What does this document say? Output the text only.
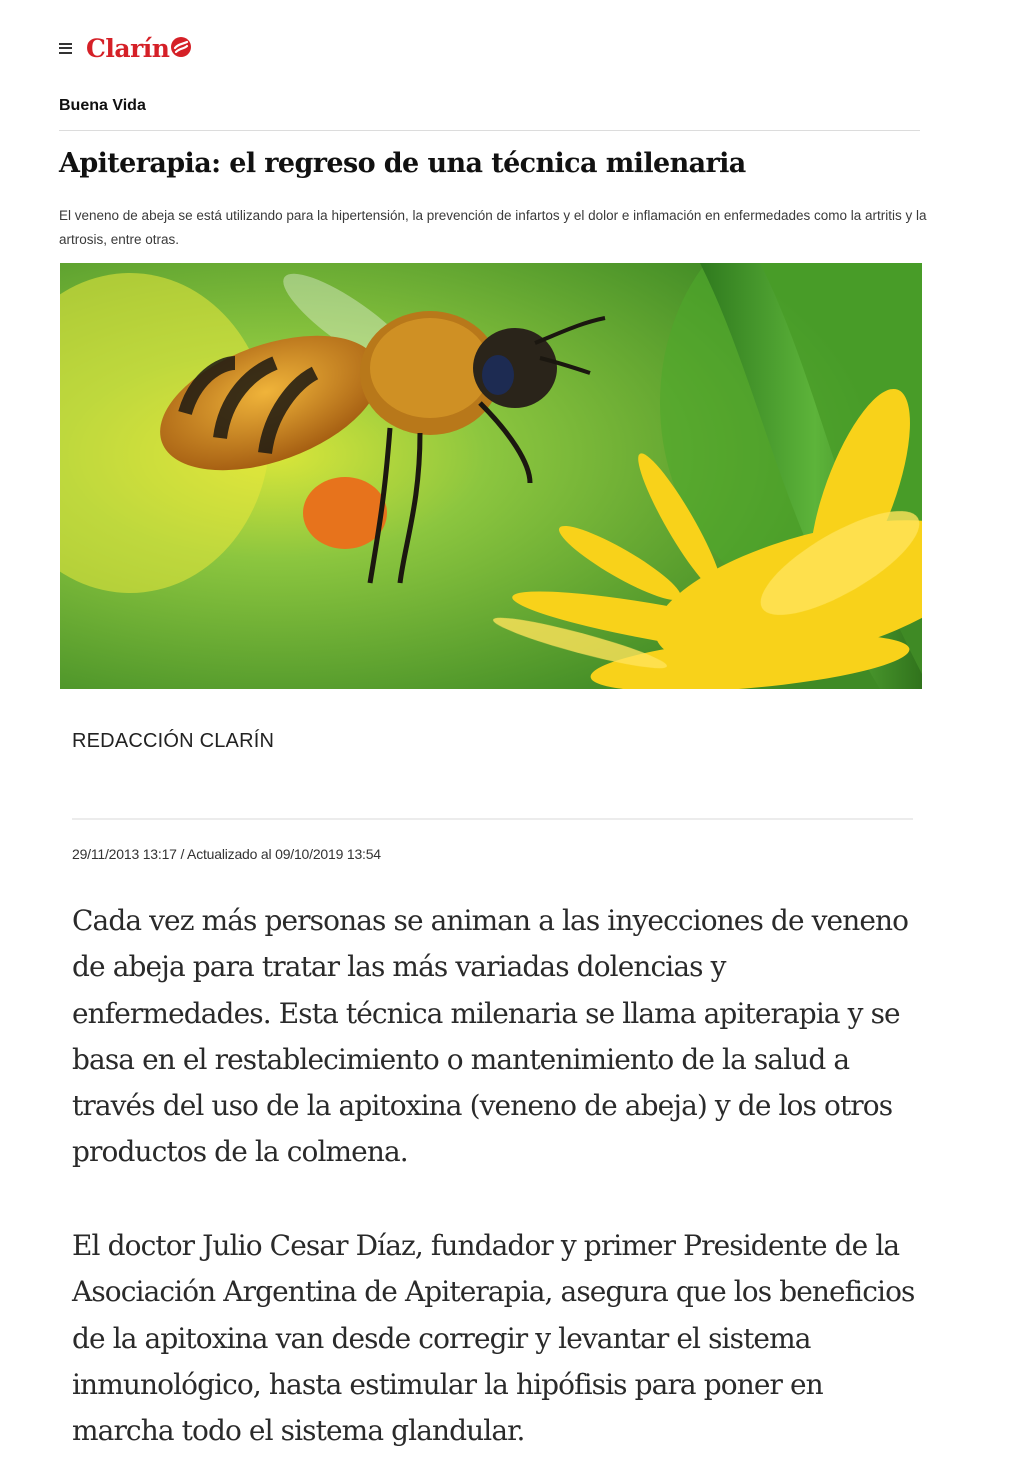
Clarín
Buena Vida
Apiterapia: el regreso de una técnica milenaria

El veneno de abeja se está utilizando para la hipertensión, la prevención de infartos y el dolor e inflamación en enfermedades como la artritis y la artrosis, entre otras.

REDACCIÓN CLARÍN
29/11/2013 13:17 / Actualizado al 09/10/2019 13:54

Cada vez más personas se animan a las inyecciones de veneno de abeja para tratar las más variadas dolencias y enfermedades. Esta técnica milenaria se llama apiterapia y se basa en el restablecimiento o mantenimiento de la salud a través del uso de la apitoxina (veneno de abeja) y de los otros productos de la colmena.

El doctor Julio Cesar Díaz, fundador y primer Presidente de la Asociación Argentina de Apiterapia, asegura que los beneficios de la apitoxina van desde corregir y levantar el sistema inmunológico, hasta estimular la hipófisis para poner en marcha todo el sistema glandular.
